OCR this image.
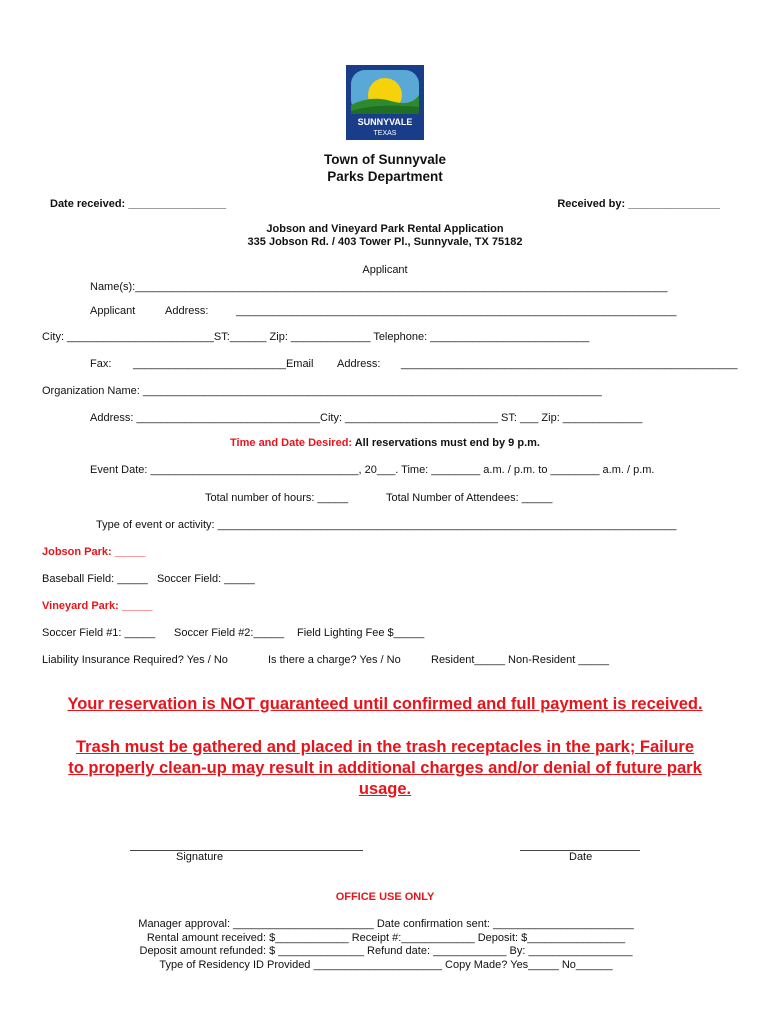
SUNNYVALE
TEXAS
Town of Sunnyvale
Parks Department
Date received: ________________	Received by: _______________
Jobson and Vineyard Park Rental Application
335 Jobson Rd. / 403 Tower Pl., Sunnyvale, TX 75182
Applicant
Name(s):_______________________________________________________________________________________
Applicant	Address:	________________________________________________________________________
City: ________________________ST:______ Zip: _____________ Telephone: __________________________
Fax: _________________________Email Address: _______________________________________________________
Organization Name: ___________________________________________________________________________
Address: ______________________________City: _________________________ ST: ___ Zip: _____________
Time and Date Desired: All reservations must end by 9 p.m.
Event Date: __________________________________, 20___. Time: ________ a.m. / p.m. to ________ a.m. / p.m.
Total number of hours: _____	Total Number of Attendees: _____
Type of event or activity: ___________________________________________________________________________
Jobson Park: _____
Baseball Field: _____   Soccer Field: _____
Vineyard Park: _____
Soccer Field #1: _____ Soccer Field #2:_____ Field Lighting Fee $_____
Liability Insurance Required? Yes / No	Is there a charge? Yes / No	Resident_____ Non-Resident _____
Your reservation is NOT guaranteed until confirmed and full payment is received.
Trash must be gathered and placed in the trash receptacles in the park; Failure
to properly clean-up may result in additional charges and/or denial of future park
usage.
Signature	Date
OFFICE USE ONLY
Manager approval: _______________________ Date confirmation sent: _______________________
Rental amount received: $____________ Receipt #:____________ Deposit: $________________
Deposit amount refunded: $ ______________ Refund date: ____________ By: _________________
Type of Residency ID Provided _____________________ Copy Made? Yes_____ No______
